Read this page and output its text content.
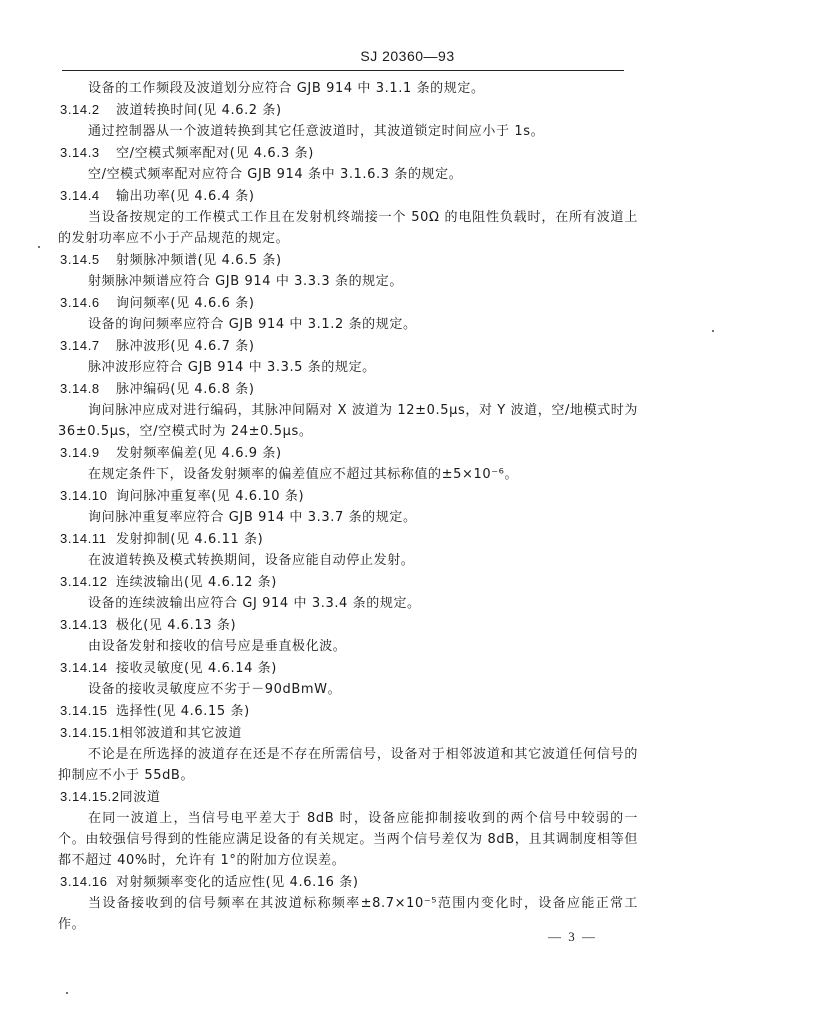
SJ 20360—93
设备的工作频段及波道划分应符合 GJB 914 中 3.1.1 条的规定。
3.14.2 波道转换时间(见 4.6.2 条)
通过控制器从一个波道转换到其它任意波道时，其波道锁定时间应小于 1s。
3.14.3 空/空模式频率配对(见 4.6.3 条)
空/空模式频率配对应符合 GJB 914 条中 3.1.6.3 条的规定。
3.14.4 输出功率(见 4.6.4 条)
当设备按规定的工作模式工作且在发射机终端接一个 50Ω 的电阻性负载时，在所有波道上的发射功率应不小于产品规范的规定。
3.14.5 射频脉冲频谱(见 4.6.5 条)
射频脉冲频谱应符合 GJB 914 中 3.3.3 条的规定。
3.14.6 询问频率(见 4.6.6 条)
设备的询问频率应符合 GJB 914 中 3.1.2 条的规定。
3.14.7 脉冲波形(见 4.6.7 条)
脉冲波形应符合 GJB 914 中 3.3.5 条的规定。
3.14.8 脉冲编码(见 4.6.8 条)
询问脉冲应成对进行编码，其脉冲间隔对 X 波道为 12±0.5μs，对 Y 波道，空/地模式时为 36±0.5μs，空/空模式时为 24±0.5μs。
3.14.9 发射频率偏差(见 4.6.9 条)
在规定条件下，设备发射频率的偏差值应不超过其标称值的±5×10⁻⁶。
3.14.10 询问脉冲重复率(见 4.6.10 条)
询问脉冲重复率应符合 GJB 914 中 3.3.7 条的规定。
3.14.11 发射抑制(见 4.6.11 条)
在波道转换及模式转换期间，设备应能自动停止发射。
3.14.12 连续波输出(见 4.6.12 条)
设备的连续波输出应符合 GJ 914 中 3.3.4 条的规定。
3.14.13 极化(见 4.6.13 条)
由设备发射和接收的信号应是垂直极化波。
3.14.14 接收灵敏度(见 4.6.14 条)
设备的接收灵敏度应不劣于－90dBmW。
3.14.15 选择性(见 4.6.15 条)
3.14.15.1相邻波道和其它波道
不论是在所选择的波道存在还是不存在所需信号，设备对于相邻波道和其它波道任何信号的抑制应不小于 55dB。
3.14.15.2同波道
在同一波道上，当信号电平差大于 8dB 时，设备应能抑制接收到的两个信号中较弱的一个。由较强信号得到的性能应满足设备的有关规定。当两个信号差仅为 8dB，且其调制度相等但都不超过 40%时，允许有 1°的附加方位误差。
3.14.16 对射频频率变化的适应性(见 4.6.16 条)
当设备接收到的信号频率在其波道标称频率±8.7×10⁻⁵范围内变化时，设备应能正常工作。
— 3 —
